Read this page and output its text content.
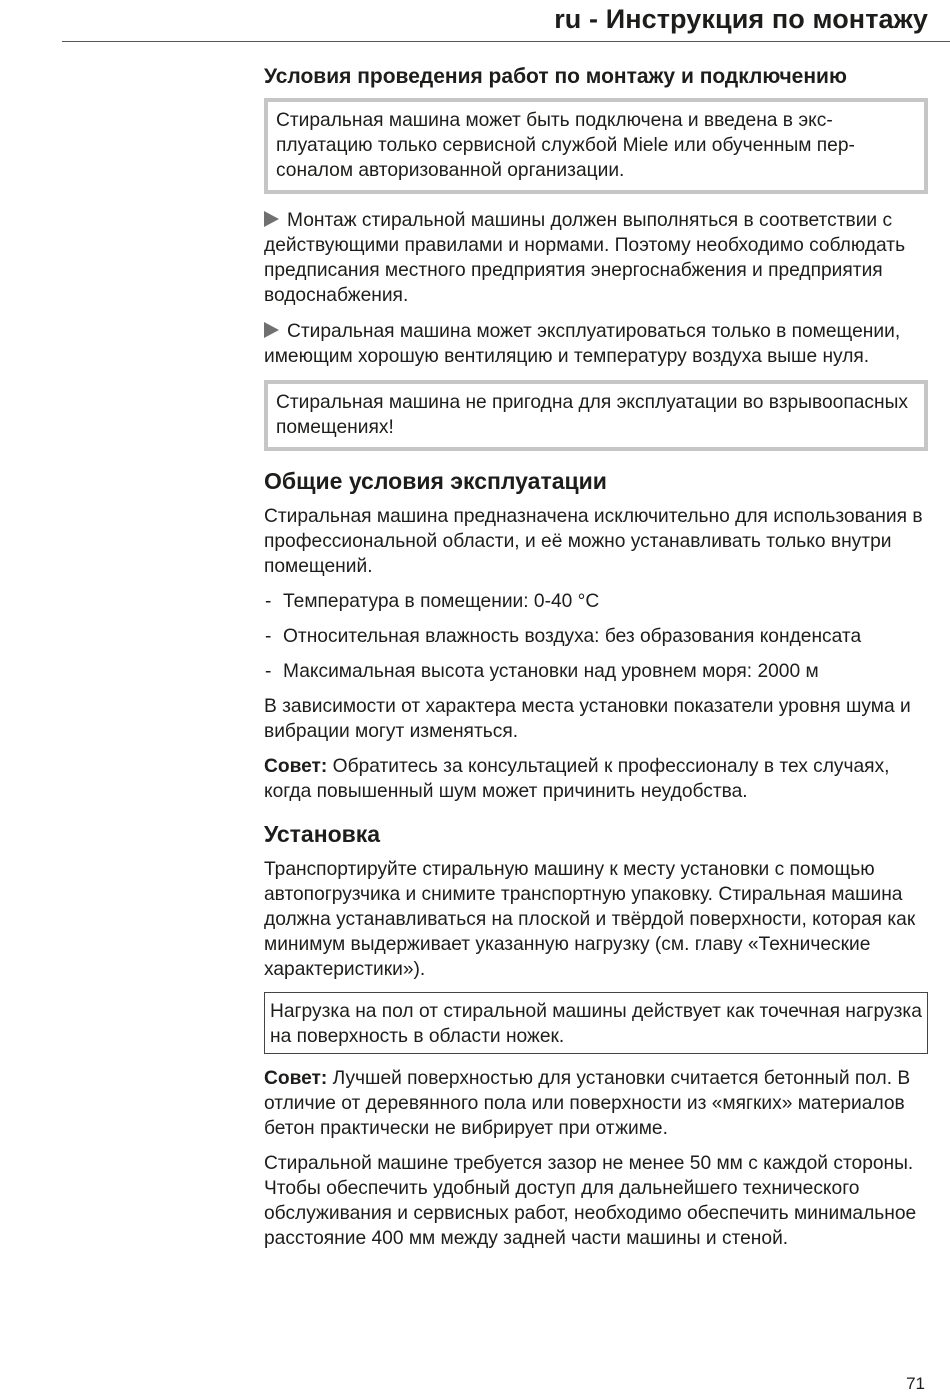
ru - Инструкция по монтажу
Условия проведения работ по монтажу и подключению
Стиральная машина может быть подключена и введена в эксплуатацию только сервисной службой Miele или обученным персоналом авторизованной организации.

Монтаж стиральной машины должен выполняться в соответствии с действующими правилами и нормами. Поэтому необходимо соблюдать предписания местного предприятия энергоснабжения и предприятия водоснабжения.

Стиральная машина может эксплуатироваться только в помещении, имеющим хорошую вентиляцию и температуру воздуха выше нуля.

Стиральная машина не пригодна для эксплуатации во взрывоопасных помещениях!
Общие условия эксплуатации

Стиральная машина предназначена исключительно для использования в профессиональной области, и её можно устанавливать только внутри помещений.

- Температура в помещении: 0-40 °C
- Относительная влажность воздуха: без образования конденсата
- Максимальная высота установки над уровнем моря: 2000 м

В зависимости от характера места установки показатели уровня шума и вибрации могут изменяться.

Совет: Обратитесь за консультацией к профессионалу в тех случаях, когда повышенный шум может причинить неудобства.

Установка

Транспортируйте стиральную машину к месту установки с помощью автопогрузчика и снимите транспортную упаковку. Стиральная машина должна устанавливаться на плоской и твёрдой поверхности, которая как минимум выдерживает указанную нагрузку (см. главу «Технические характеристики»).

Нагрузка на пол от стиральной машины действует как точечная нагрузка на поверхность в области ножек.

Совет: Лучшей поверхностью для установки считается бетонный пол. В отличие от деревянного пола или поверхности из «мягких» материалов бетон практически не вибрирует при отжиме.

Стиральной машине требуется зазор не менее 50 мм с каждой стороны. Чтобы обеспечить удобный доступ для дальнейшего технического обслуживания и сервисных работ, необходимо обеспечить минимальное расстояние 400 мм между задней части машины и стеной.

71
